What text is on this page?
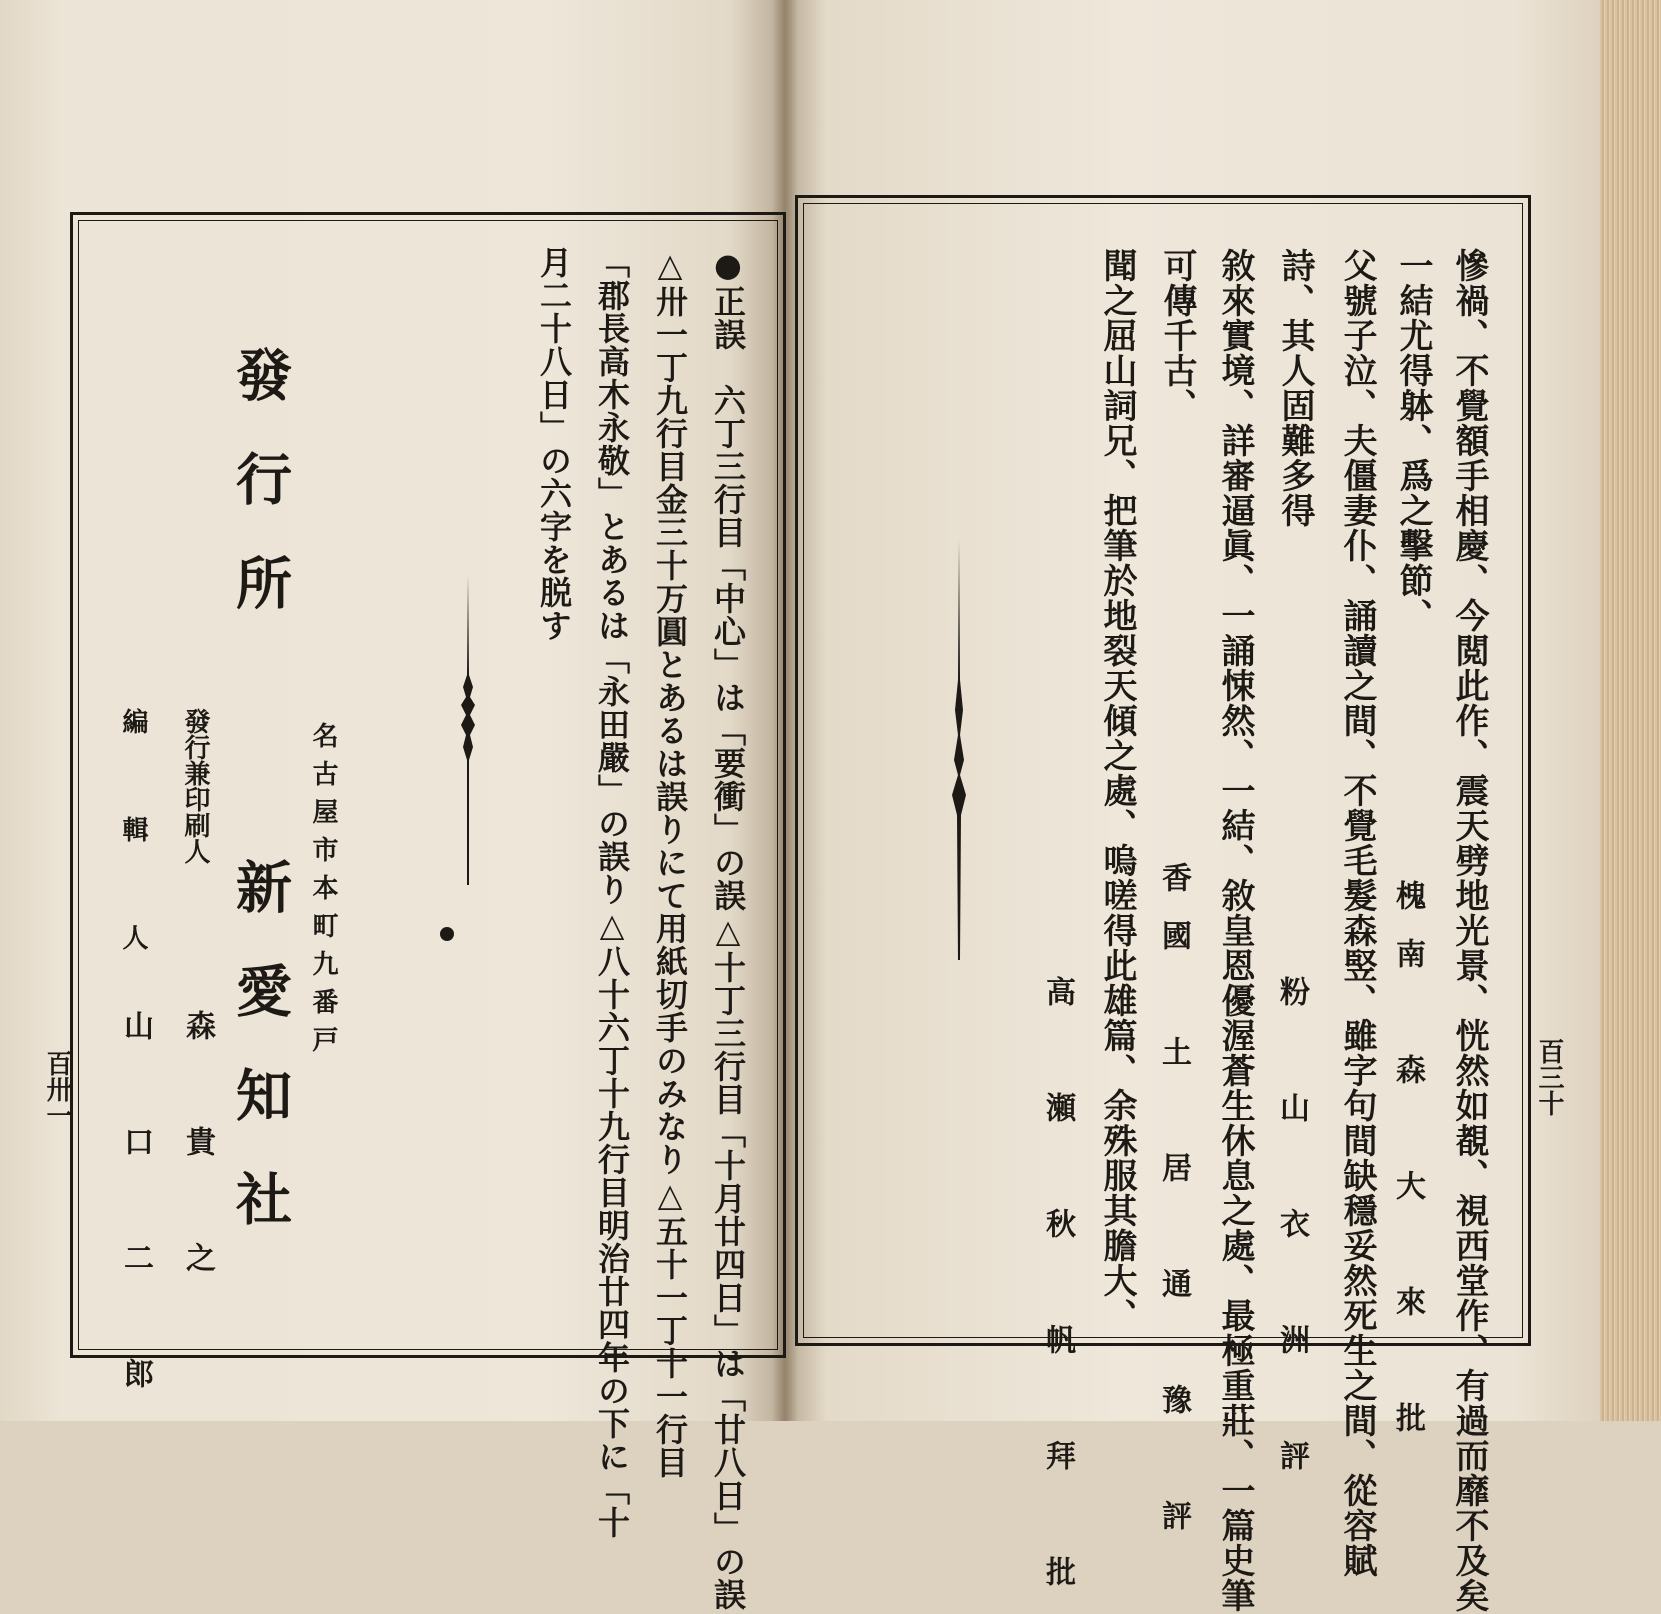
百三十
慘禍、不覺額手相慶、今閲此作、震天劈地光景、恍然如覩、視西堂作、有過而靡不及矣
一結尤得躰、爲之擊節、
父號子泣、夫僵妻仆、誦讀之間、不覺毛髮森竪、雖字句間缺穩妥然死生之間、從容賦
詩、其人固難多得
敘來實境、詳審逼眞、一誦悚然、一結、敘皇恩優渥蒼生休息之處、最極重莊、一篇史筆
可傳千古、
聞之屈山詞兄、把筆於地裂天傾之處、嗚嗟得此雄篇、余殊服其膽大、	槐南　森　大　來　批
粉　山　衣　洲　評
香國　土　居　通　豫　評
高　瀬　秋　帆　拜　批
百卅一	●正誤　六丁三行目「中心」は「要衝」の誤△十丁三行目「十月廿四日」は「廿八日」の誤
△卅一丁九行目金三十万圓とあるは誤りにて用紙切手のみなり△五十一丁十一行目
「郡長高木永敬」とあるは「永田嚴」の誤り△八十六丁十九行目明治廿四年の下に「十
月二十八日」の六字を脱す
發行所
新愛知社 名古屋市本町九番戸
發行兼印刷人
森　貴　之
編　輯　人
山　口　二　郎
